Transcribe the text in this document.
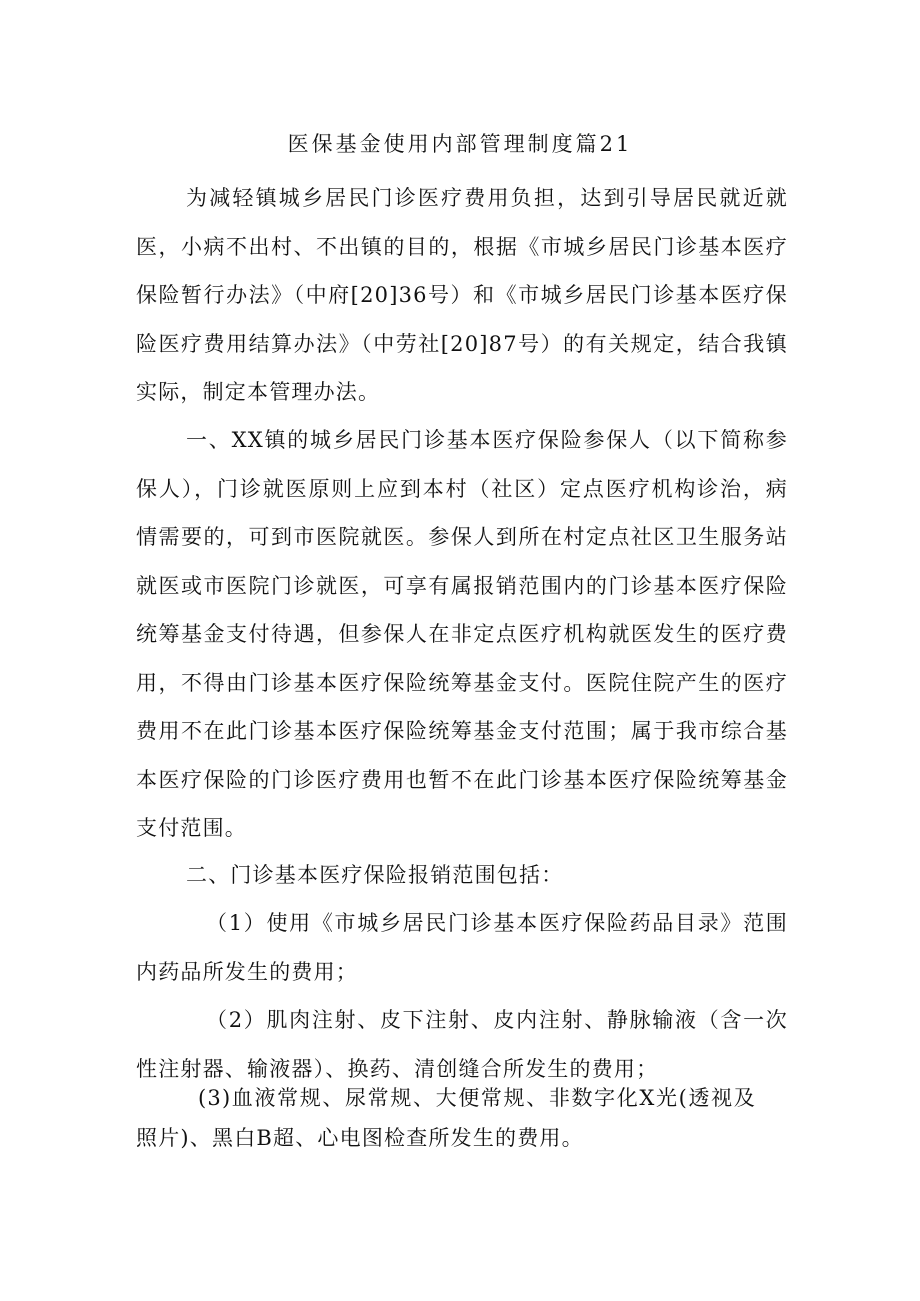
医保基金使用内部管理制度篇21

为减轻镇城乡居民门诊医疗费用负担，达到引导居民就近就医，小病不出村、不出镇的目的，根据《市城乡居民门诊基本医疗保险暂行办法》（中府[20]36号）和《市城乡居民门诊基本医疗保险医疗费用结算办法》（中劳社[20]87号）的有关规定，结合我镇实际，制定本管理办法。

一、XX镇的城乡居民门诊基本医疗保险参保人（以下简称参保人），门诊就医原则上应到本村（社区）定点医疗机构诊治，病情需要的，可到市医院就医。参保人到所在村定点社区卫生服务站就医或市医院门诊就医，可享有属报销范围内的门诊基本医疗保险统筹基金支付待遇，但参保人在非定点医疗机构就医发生的医疗费用，不得由门诊基本医疗保险统筹基金支付。医院住院产生的医疗费用不在此门诊基本医疗保险统筹基金支付范围；属于我市综合基本医疗保险的门诊医疗费用也暂不在此门诊基本医疗保险统筹基金支付范围。

二、门诊基本医疗保险报销范围包括：

（1）使用《市城乡居民门诊基本医疗保险药品目录》范围内药品所发生的费用；

（2）肌肉注射、皮下注射、皮内注射、静脉输液（含一次性注射器、输液器）、换药、清创缝合所发生的费用；

(3)血液常规、尿常规、大便常规、非数字化X光(透视及照片)、黑白B超、心电图检查所发生的费用。
